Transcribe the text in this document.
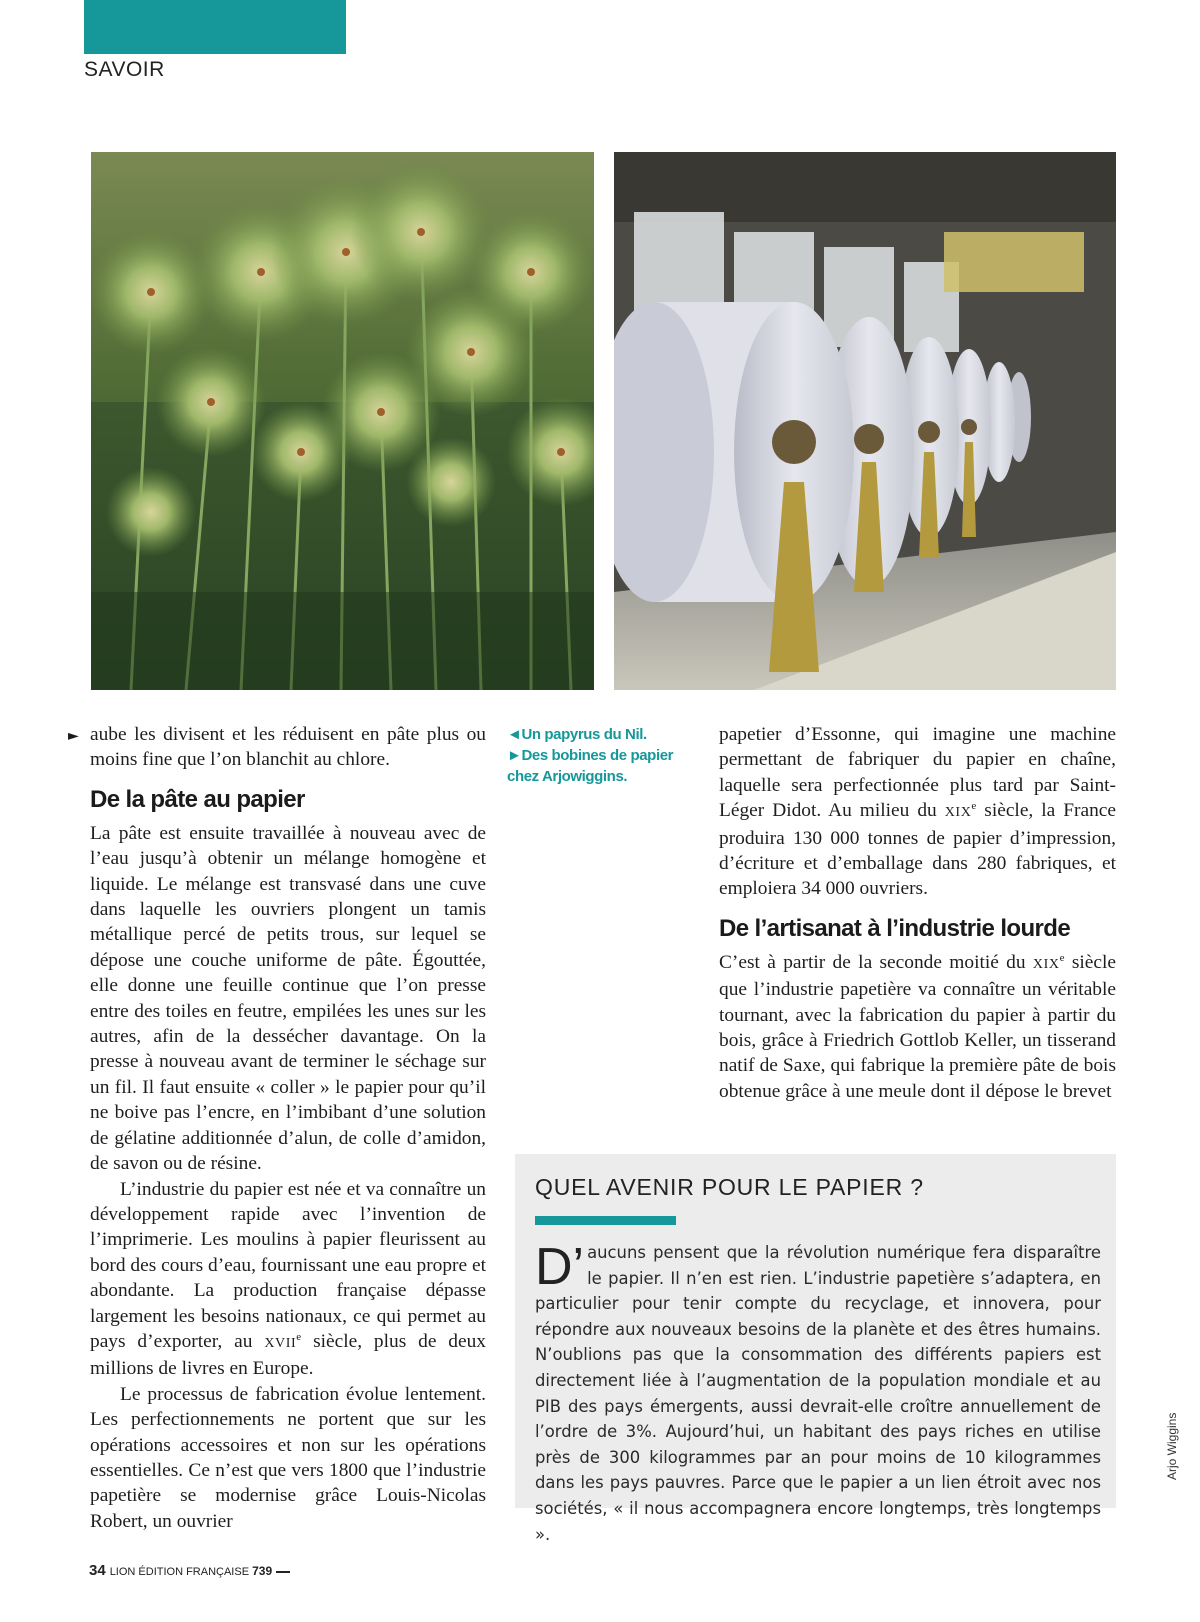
SAVOIR
► aube les divisent et les réduisent en pâte plus ou moins fine que l’on blanchit au chlore.

De la pâte au papier

La pâte est ensuite travaillée à nouveau avec de l’eau jusqu’à obtenir un mélange homogène et liquide. Le mélange est transvasé dans une cuve dans laquelle les ouvriers plongent un tamis métallique percé de petits trous, sur lequel se dépose une couche uniforme de pâte. Égouttée, elle donne une feuille continue que l’on presse entre des toiles en feutre, empilées les unes sur les autres, afin de la dessécher davantage. On la presse à nouveau avant de terminer le séchage sur un fil. Il faut ensuite « coller » le papier pour qu’il ne boive pas l’encre, en l’imbibant d’une solution de gélatine additionnée d’alun, de colle d’amidon, de savon ou de résine.

L’industrie du papier est née et va connaître un développement rapide avec l’invention de l’imprimerie. Les moulins à papier fleurissent au bord des cours d’eau, fournissant une eau propre et abondante. La production française dépasse largement les besoins nationaux, ce qui permet au pays d’exporter, au XVIIe siècle, plus de deux millions de livres en Europe.

Le processus de fabrication évolue lentement. Les perfectionnements ne portent que sur les opérations accessoires et non sur les opérations essentielles. Ce n’est que vers 1800 que l’industrie papetière se modernise grâce Louis-Nicolas Robert, un ouvrier

◄Un papyrus du Nil.
►Des bobines de papier
chez Arjowiggins.

papetier d’Essonne, qui imagine une machine permettant de fabriquer du papier en chaîne, laquelle sera perfectionnée plus tard par Saint-Léger Didot. Au milieu du XIXe siècle, la France produira 130 000 tonnes de papier d’impression, d’écriture et d’emballage dans 280 fabriques, et emploiera 34 000 ouvriers.

De l’artisanat à l’industrie lourde

C’est à partir de la seconde moitié du XIXe siècle que l’industrie papetière va connaître un véritable tournant, avec la fabrication du papier à partir du bois, grâce à Friedrich Gottlob Keller, un tisserand natif de Saxe, qui fabrique la première pâte de bois obtenue grâce à une meule dont il dépose le brevet

QUEL AVENIR POUR LE PAPIER ?
D’ aucuns pensent que la révolution numérique fera disparaître le papier. Il n’en est rien. L’industrie papetière s’adaptera, en particulier pour tenir compte du recyclage, et innovera, pour répondre aux nouveaux besoins de la planète et des êtres humains. N’oublions pas que la consommation des différents papiers est directement liée à l’augmentation de la population mondiale et au PIB des pays émergents, aussi devrait-elle croître annuellement de l’ordre de 3%. Aujourd’hui, un habitant des pays riches en utilise près de 300 kilogrammes par an pour moins de 10 kilogrammes dans les pays pauvres. Parce que le papier a un lien étroit avec nos sociétés, « il nous accompagnera encore longtemps, très longtemps ».
Arjo Wiggins
34 LION ÉDITION FRANÇAISE 739
